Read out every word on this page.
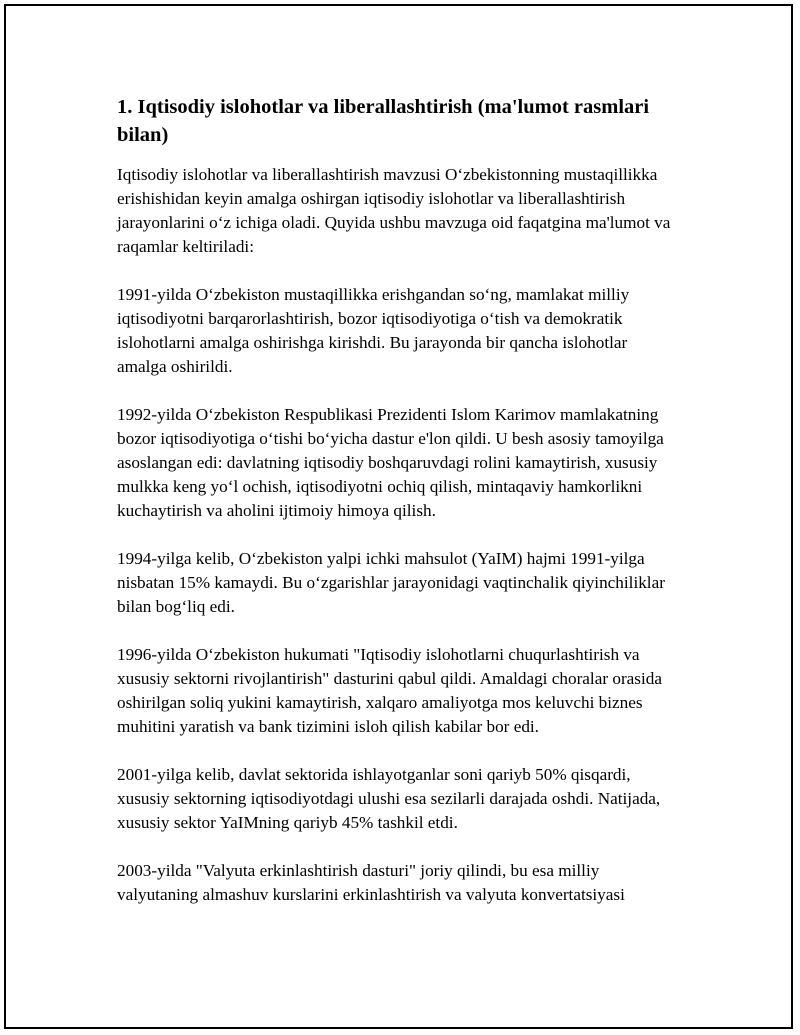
1. Iqtisodiy islohotlar va liberallashtirish (ma'lumot rasmlari bilan)

Iqtisodiy islohotlar va liberallashtirish mavzusi O‘zbekistonning mustaqillikka erishishidan keyin amalga oshirgan iqtisodiy islohotlar va liberallashtirish jarayonlarini o‘z ichiga oladi. Quyida ushbu mavzuga oid faqatgina ma'lumot va raqamlar keltiriladi:

1991-yilda O‘zbekiston mustaqillikka erishgandan so‘ng, mamlakat milliy iqtisodiyotni barqarorlashtirish, bozor iqtisodiyotiga o‘tish va demokratik islohotlarni amalga oshirishga kirishdi. Bu jarayonda bir qancha islohotlar amalga oshirildi.

1992-yilda O‘zbekiston Respublikasi Prezidenti Islom Karimov mamlakatning bozor iqtisodiyotiga o‘tishi bo‘yicha dastur e'lon qildi. U besh asosiy tamoyilga asoslangan edi: davlatning iqtisodiy boshqaruvdagi rolini kamaytirish, xususiy mulkka keng yo‘l ochish, iqtisodiyotni ochiq qilish, mintaqaviy hamkorlikni kuchaytirish va aholini ijtimoiy himoya qilish.

1994-yilga kelib, O‘zbekiston yalpi ichki mahsulot (YaIM) hajmi 1991-yilga nisbatan 15% kamaydi. Bu o‘zgarishlar jarayonidagi vaqtinchalik qiyinchiliklar bilan bog‘liq edi.

1996-yilda O‘zbekiston hukumati "Iqtisodiy islohotlarni chuqurlashtirish va xususiy sektorni rivojlantirish" dasturini qabul qildi. Amaldagi choralar orasida oshirilgan soliq yukini kamaytirish, xalqaro amaliyotga mos keluvchi biznes muhitini yaratish va bank tizimini isloh qilish kabilar bor edi.

2001-yilga kelib, davlat sektorida ishlayotganlar soni qariyb 50% qisqardi, xususiy sektorning iqtisodiyotdagi ulushi esa sezilarli darajada oshdi. Natijada, xususiy sektor YaIMning qariyb 45% tashkil etdi.

2003-yilda "Valyuta erkinlashtirish dasturi" joriy qilindi, bu esa milliy valyutaning almashuv kurslarini erkinlashtirish va valyuta konvertatsiyasi
